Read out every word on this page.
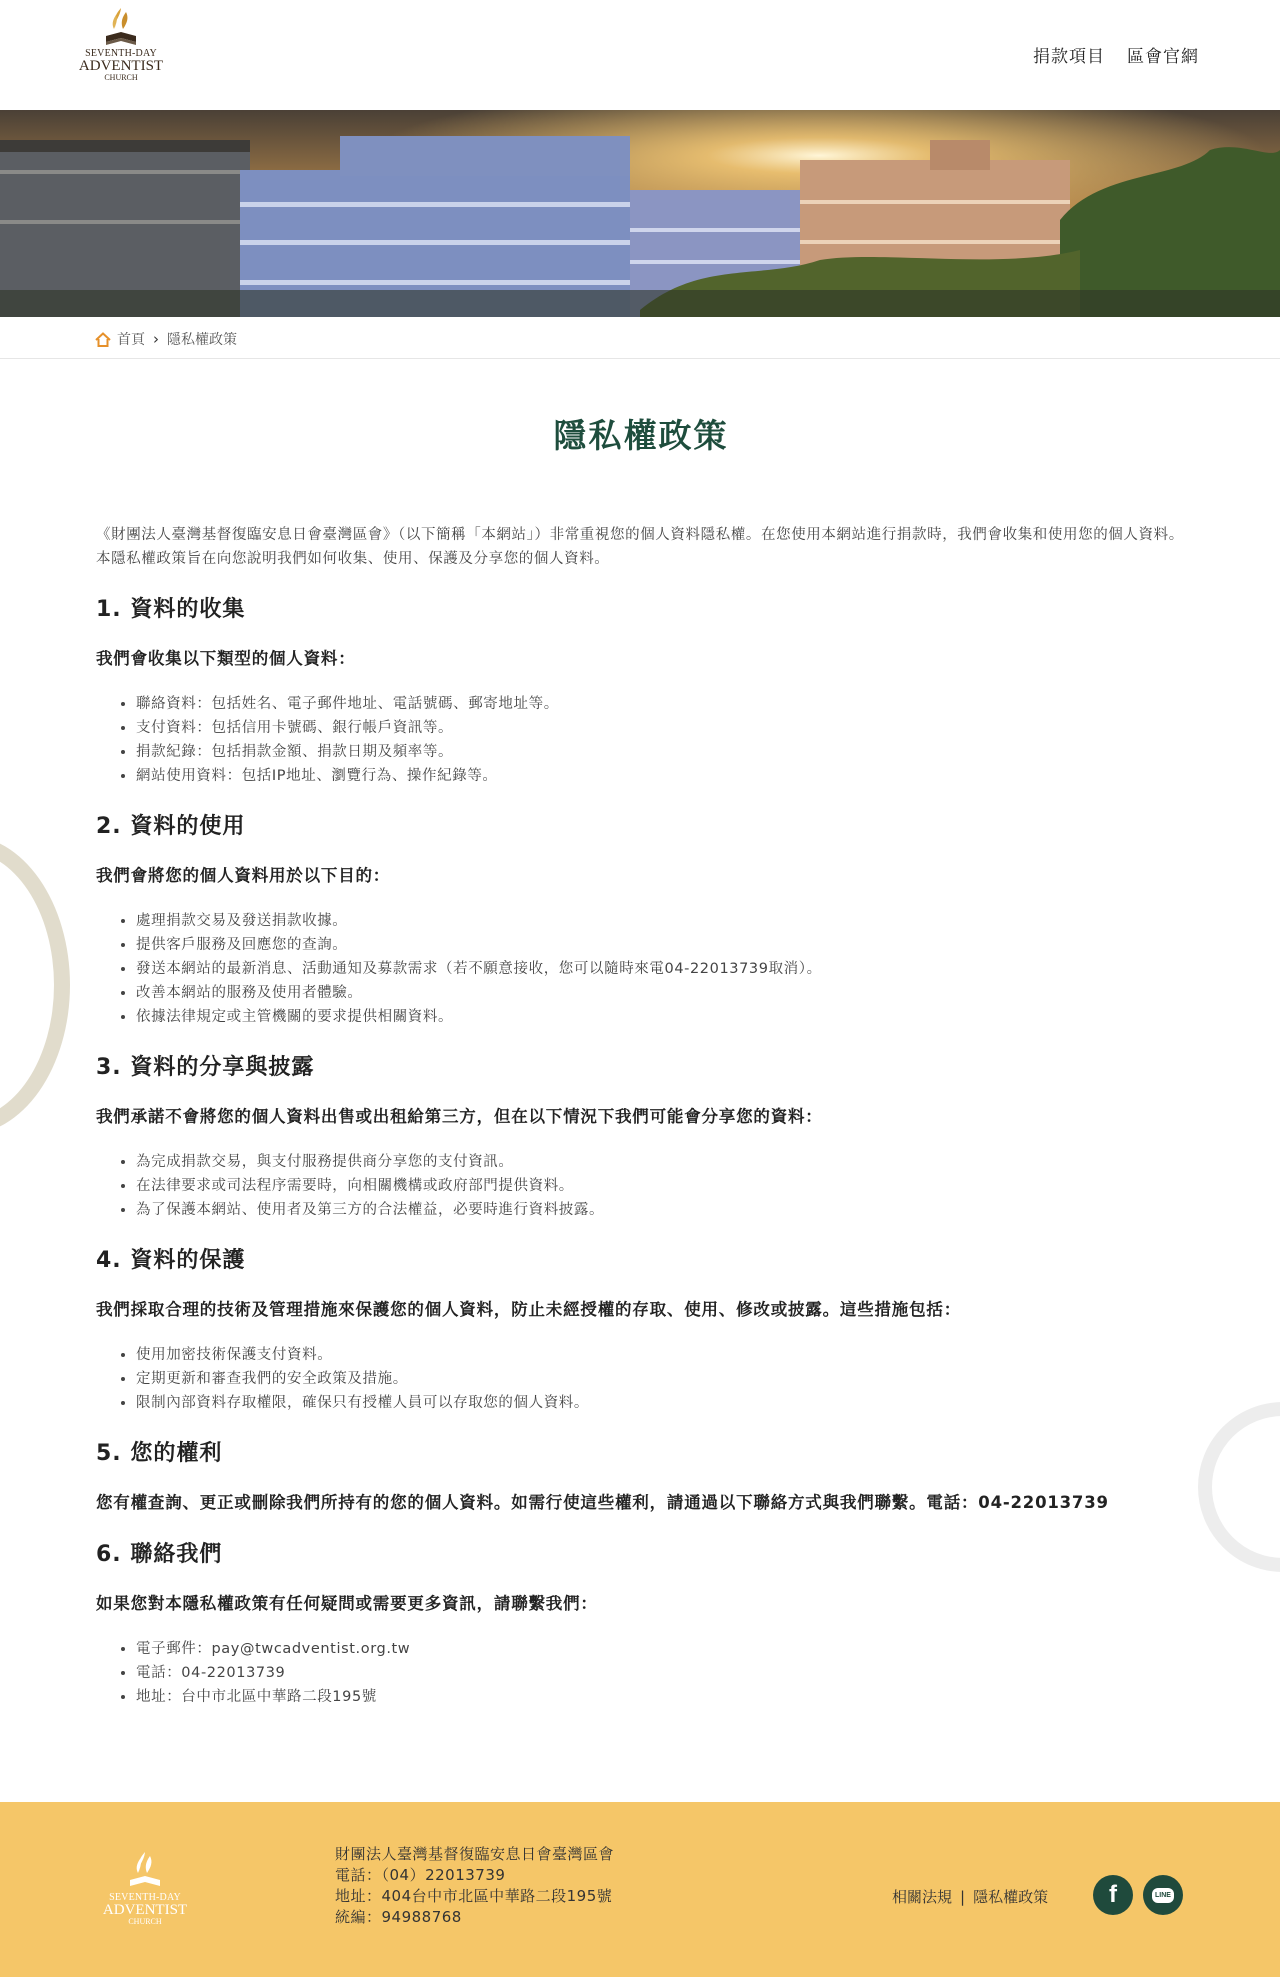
SEVENTH-DAY
ADVENTIST
CHURCH
捐款項目 區會官網
首頁 › 隱私權政策
隱私權政策

《財團法人臺灣基督復臨安息日會臺灣區會》（以下簡稱「本網站」）非常重視您的個人資料隱私權。在您使用本網站進行捐款時，我們會收集和使用您的個人資料。本隱私權政策旨在向您說明我們如何收集、使用、保護及分享您的個人資料。

1. 資料的收集

我們會收集以下類型的個人資料：

• 聯絡資料：包括姓名、電子郵件地址、電話號碼、郵寄地址等。
• 支付資料：包括信用卡號碼、銀行帳戶資訊等。
• 捐款紀錄：包括捐款金額、捐款日期及頻率等。
• 網站使用資料：包括IP地址、瀏覽行為、操作紀錄等。
2. 資料的使用

我們會將您的個人資料用於以下目的：

• 處理捐款交易及發送捐款收據。
• 提供客戶服務及回應您的查詢。
• 發送本網站的最新消息、活動通知及募款需求（若不願意接收，您可以隨時來電04-22013739取消）。
• 改善本網站的服務及使用者體驗。
• 依據法律規定或主管機關的要求提供相關資料。
3. 資料的分享與披露

我們承諾不會將您的個人資料出售或出租給第三方，但在以下情況下我們可能會分享您的資料：

• 為完成捐款交易，與支付服務提供商分享您的支付資訊。
• 在法律要求或司法程序需要時，向相關機構或政府部門提供資料。
• 為了保護本網站、使用者及第三方的合法權益，必要時進行資料披露。
4. 資料的保護

我們採取合理的技術及管理措施來保護您的個人資料，防止未經授權的存取、使用、修改或披露。這些措施包括：

• 使用加密技術保護支付資料。
• 定期更新和審查我們的安全政策及措施。
• 限制內部資料存取權限，確保只有授權人員可以存取您的個人資料。
5. 您的權利

您有權查詢、更正或刪除我們所持有的您的個人資料。如需行使這些權利，請通過以下聯絡方式與我們聯繫。電話：04-22013739

6. 聯絡我們

如果您對本隱私權政策有任何疑問或需要更多資訊，請聯繫我們：

• 電子郵件：pay@twcadventist.org.tw
• 電話：04-22013739
• 地址：台中市北區中華路二段195號
SEVENTH-DAY
ADVENTIST
CHURCH
財團法人臺灣基督復臨安息日會臺灣區會
電話：（04）22013739
地址：404台中市北區中華路二段195號
統編：94988768
相關法規 | 隱私權政策	f	LINE
